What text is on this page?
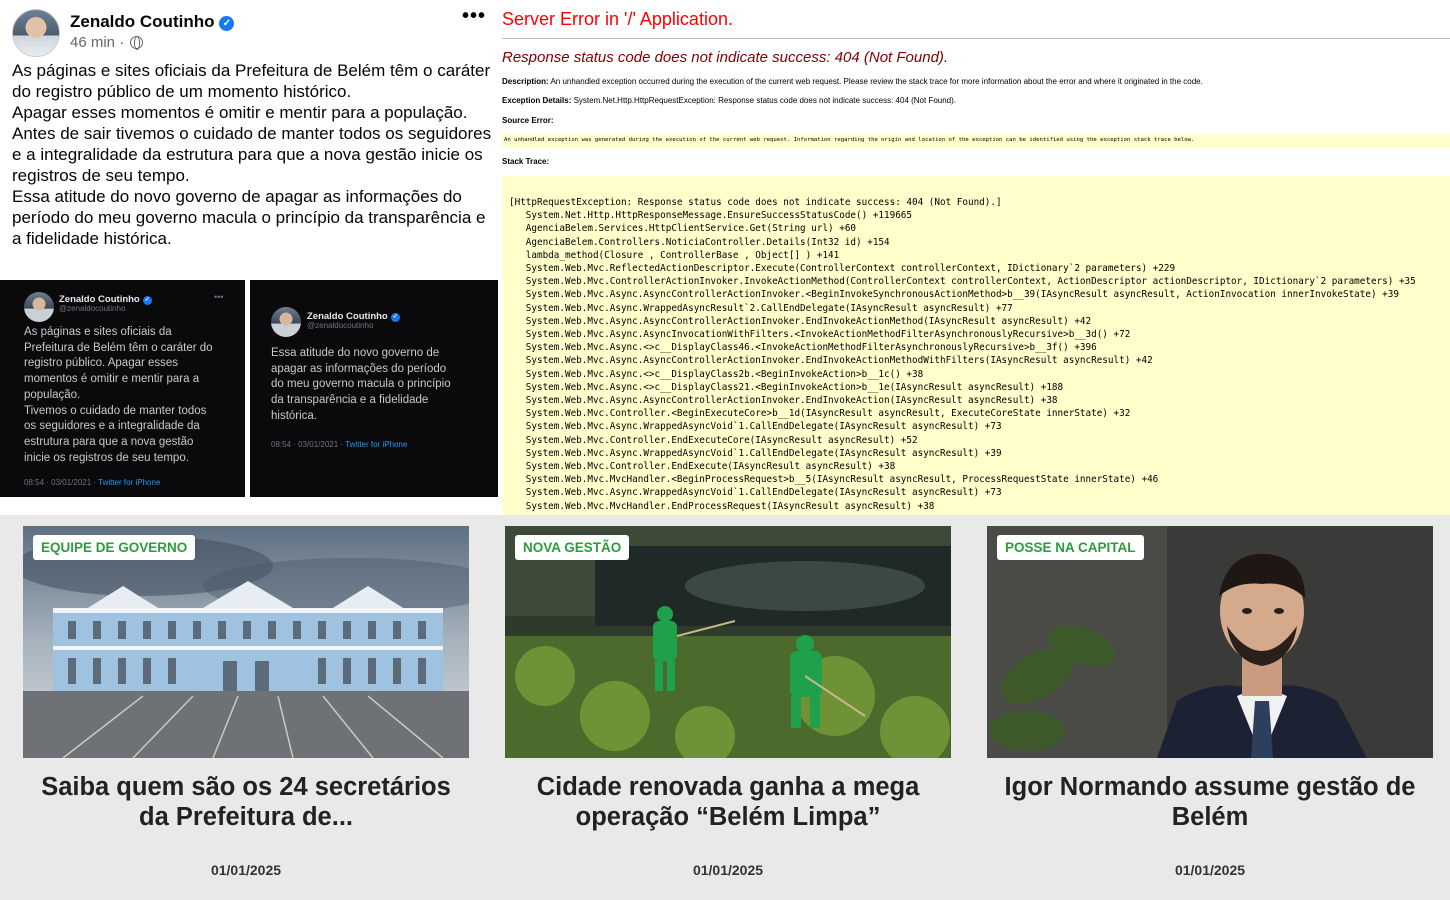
Zenaldo Coutinho ✓
46 min ·
•••
As páginas e sites oficiais da Prefeitura de Belém têm o caráter do registro público de um momento histórico.
Apagar esses momentos é omitir e mentir para a população.
Antes de sair tivemos o cuidado de manter todos os seguidores e a integralidade da estrutura para que a nova gestão inicie os registros de seu tempo.
Essa atitude do novo governo de apagar as informações do período do meu governo macula o princípio da transparência e a fidelidade histórica.
Zenaldo Coutinho ✓
@zenaldocoutinho
•••
As páginas e sites oficiais da
Prefeitura de Belém têm o caráter do
registro público. Apagar esses
momentos é omitir e mentir para a
população.
Tivemos o cuidado de manter todos
os seguidores e a integralidade da
estrutura para que a nova gestão
inicie os registros de seu tempo.
08:54 · 03/01/2021 · Twitter for iPhone
Zenaldo Coutinho ✓
@zenaldocoutinho
Essa atitude do novo governo de
apagar as informações do período
do meu governo macula o princípio
da transparência e a fidelidade
histórica.
08:54 · 03/01/2021 · Twitter for iPhone
Server Error in '/' Application.
Response status code does not indicate success: 404 (Not Found).
Description: An unhandled exception occurred during the execution of the current web request. Please review the stack trace for more information about the error and where it originated in the code.
Exception Details: System.Net.Http.HttpRequestException: Response status code does not indicate success: 404 (Not Found).
Source Error:
An unhandled exception was generated during the execution of the current web request. Information regarding the origin and location of the exception can be identified using the exception stack trace below.
Stack Trace:
[HttpRequestException: Response status code does not indicate success: 404 (Not Found).]
System.Net.Http.HttpResponseMessage.EnsureSuccessStatusCode() +119665
AgenciaBelem.Services.HttpClientService.Get(String url) +60
AgenciaBelem.Controllers.NoticiaController.Details(Int32 id) +154
lambda_method(Closure , ControllerBase , Object[] ) +141
System.Web.Mvc.ReflectedActionDescriptor.Execute(ControllerContext controllerContext, IDictionary`2 parameters) +229
System.Web.Mvc.ControllerActionInvoker.InvokeActionMethod(ControllerContext controllerContext, ActionDescriptor actionDescriptor, IDictionary`2 parameters) +35
System.Web.Mvc.Async.AsyncControllerActionInvoker.<BeginInvokeSynchronousActionMethod>b__39(IAsyncResult asyncResult, ActionInvocation innerInvokeState) +39
System.Web.Mvc.Async.WrappedAsyncResult`2.CallEndDelegate(IAsyncResult asyncResult) +77
System.Web.Mvc.Async.AsyncControllerActionInvoker.EndInvokeActionMethod(IAsyncResult asyncResult) +42
System.Web.Mvc.Async.AsyncInvocationWithFilters.<InvokeActionMethodFilterAsynchronouslyRecursive>b__3d() +72
System.Web.Mvc.Async.<>c__DisplayClass46.<InvokeActionMethodFilterAsynchronouslyRecursive>b__3f() +396
System.Web.Mvc.Async.AsyncControllerActionInvoker.EndInvokeActionMethodWithFilters(IAsyncResult asyncResult) +42
System.Web.Mvc.Async.<>c__DisplayClass2b.<BeginInvokeAction>b__1c() +38
System.Web.Mvc.Async.<>c__DisplayClass21.<BeginInvokeAction>b__1e(IAsyncResult asyncResult) +188
System.Web.Mvc.Async.AsyncControllerActionInvoker.EndInvokeAction(IAsyncResult asyncResult) +38
System.Web.Mvc.Controller.<BeginExecuteCore>b__1d(IAsyncResult asyncResult, ExecuteCoreState innerState) +32
System.Web.Mvc.Async.WrappedAsyncVoid`1.CallEndDelegate(IAsyncResult asyncResult) +73
System.Web.Mvc.Controller.EndExecuteCore(IAsyncResult asyncResult) +52
System.Web.Mvc.Async.WrappedAsyncVoid`1.CallEndDelegate(IAsyncResult asyncResult) +39
System.Web.Mvc.Controller.EndExecute(IAsyncResult asyncResult) +38
System.Web.Mvc.MvcHandler.<BeginProcessRequest>b__5(IAsyncResult asyncResult, ProcessRequestState innerState) +46
System.Web.Mvc.Async.WrappedAsyncVoid`1.CallEndDelegate(IAsyncResult asyncResult) +73
System.Web.Mvc.MvcHandler.EndProcessRequest(IAsyncResult asyncResult) +38
EQUIPE DE GOVERNO
Saiba quem são os 24 secretários da Prefeitura de...
01/01/2025
NOVA GESTÃO
Cidade renovada ganha a mega operação “Belém Limpa”
01/01/2025
POSSE NA CAPITAL
Igor Normando assume gestão de Belém
01/01/2025
